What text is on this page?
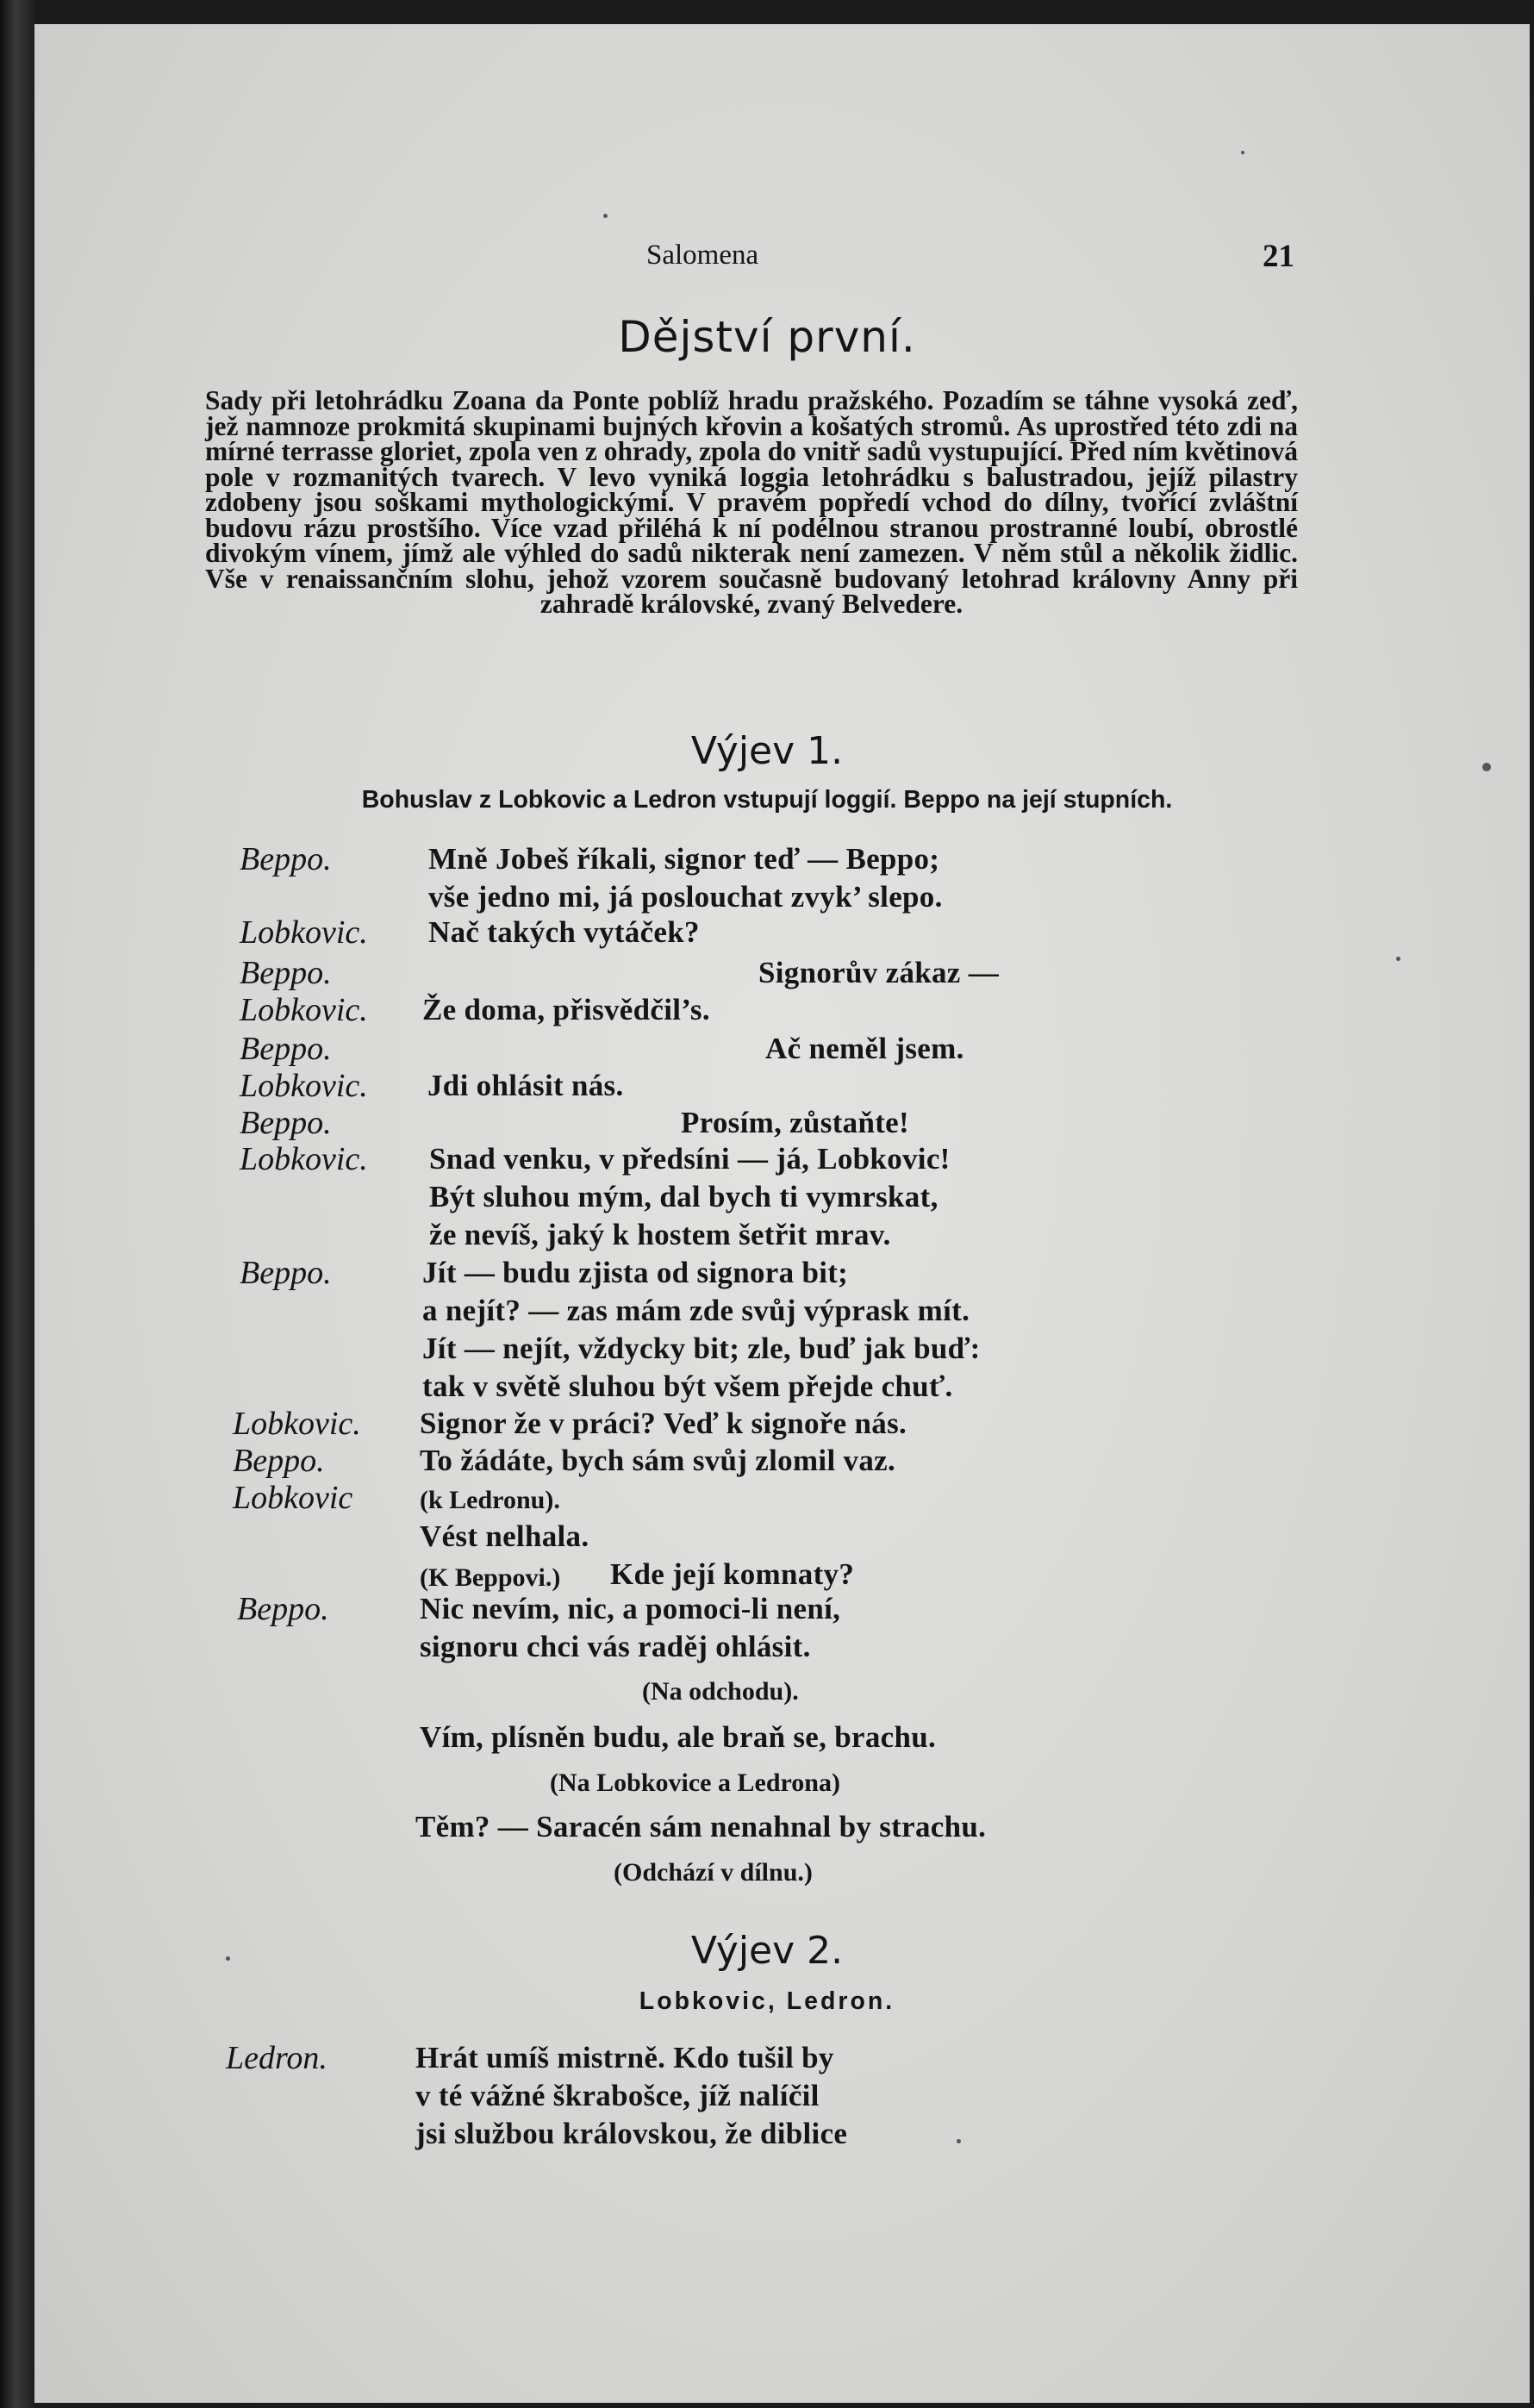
Salomena	21
Dějství první.
Sady při letohrádku Zoana da Ponte poblíž hradu pražského. Pozadím se táhne vysoká zeď, jež namnoze prokmitá skupinami bujných křovin a košatých stromů. As uprostřed této zdi na mírné terrasse gloriet, zpola ven z ohrady, zpola do vnitř sadů vystupující. Před ním květinová pole v rozmanitých tvarech. V levo vyniká loggia letohrádku s balustradou, jejíž pilastry zdobeny jsou soškami mythologickými. V pravém popředí vchod do dílny, tvořící zvláštní budovu rázu prostšího. Více vzad přiléhá k ní podélnou stranou prostranné loubí, obrostlé divokým vínem, jímž ale výhled do sadů nikterak není zamezen. V něm stůl a několik židlic. Vše v renaissančním slohu, jehož vzorem současně budovaný letohrad královny Anny při zahradě královské, zvaný Belvedere.
Výjev 1.
Bohuslav z Lobkovic a Ledron vstupují loggií. Beppo na její stupních.
Beppo.	Mně Jobeš říkali, signor teď — Beppo;
vše jedno mi, já poslouchat zvyk’ slepo.
Lobkovic. Nač takých vytáček?
Beppo.	Signorův zákaz —
Lobkovic. Že doma, přisvědčil’s.
Beppo.	Ač neměl jsem.
Lobkovic. Jdi ohlásit nás.
Beppo.	Prosím, zůstaňte!
Lobkovic. Snad venku, v předsíni — já, Lobkovic!
Být sluhou mým, dal bych ti vymrskat,
že nevíš, jaký k hostem šetřit mrav.
Beppo.	Jít — budu zjista od signora bit;
a nejít? — zas mám zde svůj výprask mít.
Jít — nejít, vždycky bit; zle, buď jak buď:
tak v světě sluhou být všem přejde chuť.
Lobkovic. Signor že v práci? Veď k signoře nás.
Beppo.	To žádáte, bych sám svůj zlomil vaz.
Lobkovic	(k Ledronu).
Vést nelhala.
(K Beppovi.) Kde její komnaty?
Beppo.	Nic nevím, nic, a pomoci-li není,
signoru chci vás raděj ohlásit.
(Na odchodu).
Vím, plísněn budu, ale braň se, brachu.
(Na Lobkovice a Ledrona)
Těm? — Saracén sám nenahnal by strachu.
(Odchází v dílnu.)
Výjev 2.
Lobkovic, Ledron.
Ledron.	Hrát umíš mistrně. Kdo tušil by
v té vážné škrabošce, jíž nalíčil
jsi službou královskou, že diblice
